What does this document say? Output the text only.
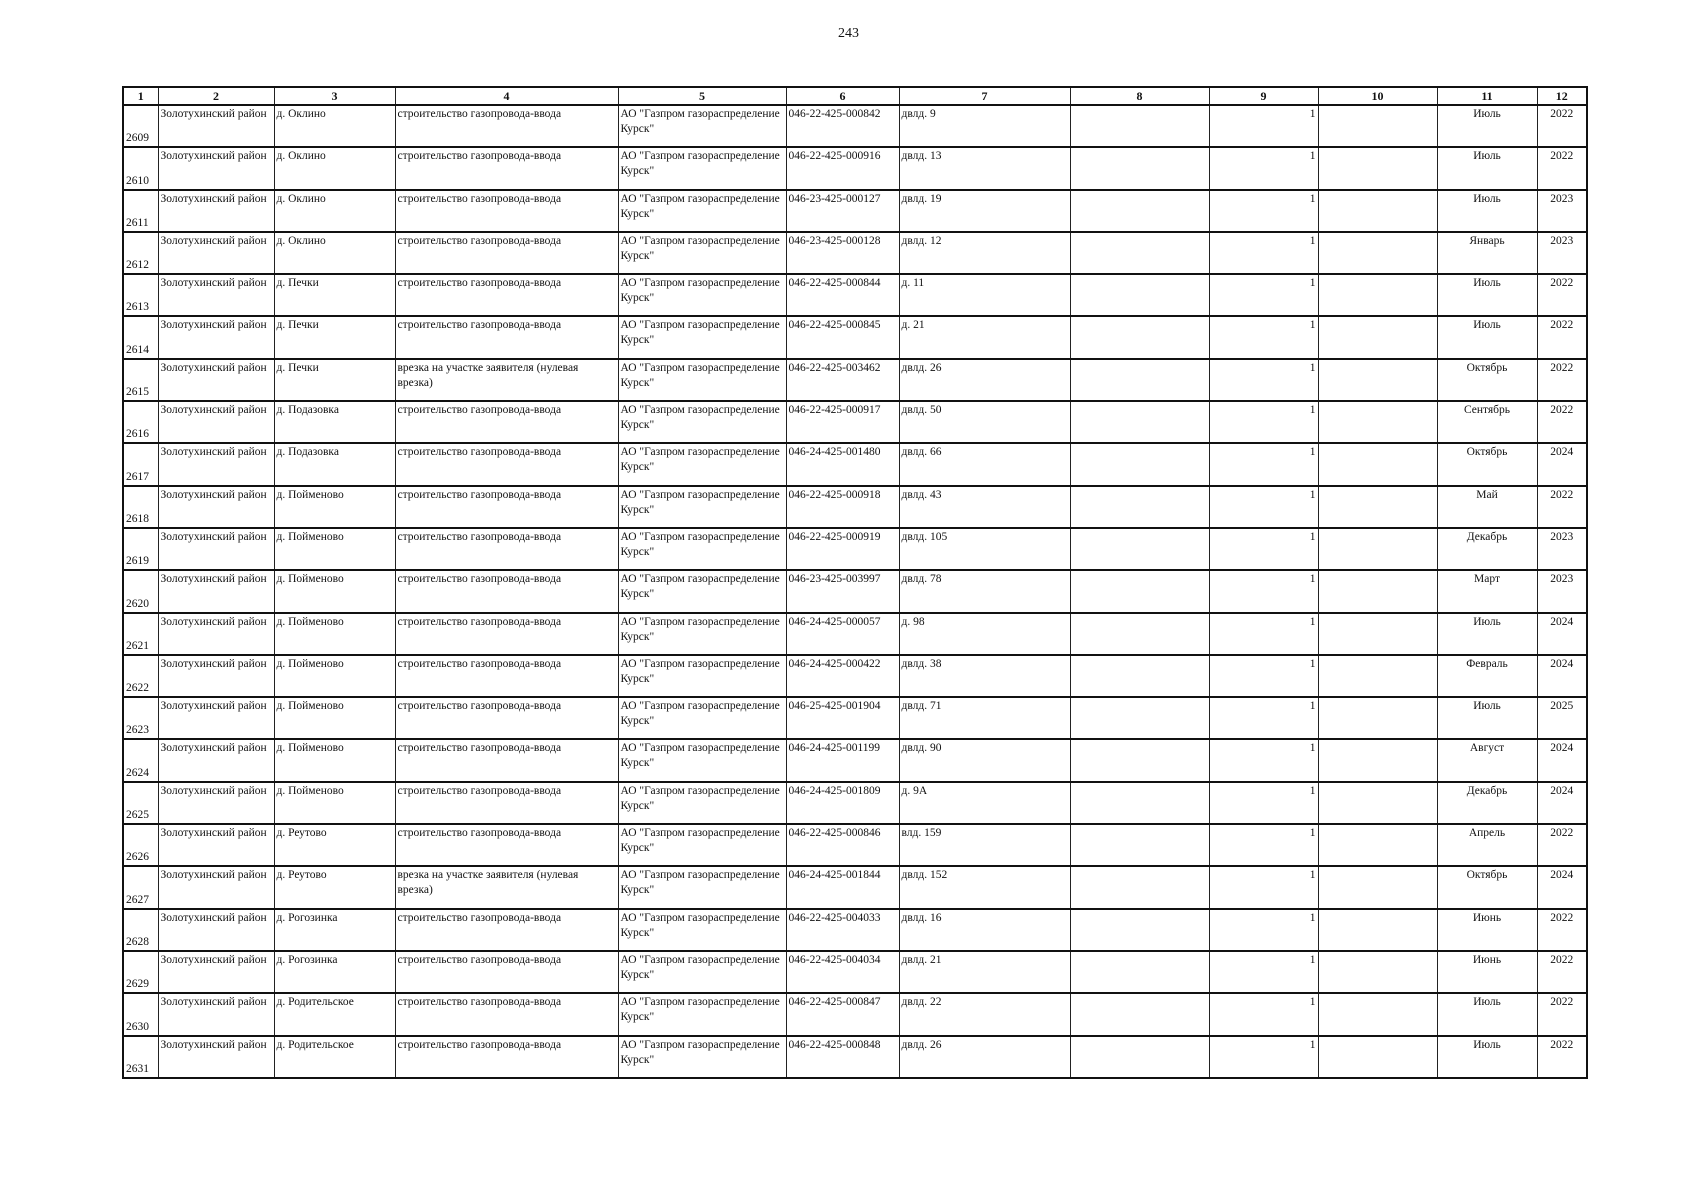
243
1	2	3	4	5	6	7	8	9	10	11	12
2609	Золотухинский район	д. Оклино	строительство газопровода-ввода	АО "Газпром газораспределение Курск"	046-22-425-000842	двлд. 9		1		Июль	2022
2610	Золотухинский район	д. Оклино	строительство газопровода-ввода	АО "Газпром газораспределение Курск"	046-22-425-000916	двлд. 13		1		Июль	2022
2611	Золотухинский район	д. Оклино	строительство газопровода-ввода	АО "Газпром газораспределение Курск"	046-23-425-000127	двлд. 19		1		Июль	2023
2612	Золотухинский район	д. Оклино	строительство газопровода-ввода	АО "Газпром газораспределение Курск"	046-23-425-000128	двлд. 12		1		Январь	2023
2613	Золотухинский район	д. Печки	строительство газопровода-ввода	АО "Газпром газораспределение Курск"	046-22-425-000844	д. 11		1		Июль	2022
2614	Золотухинский район	д. Печки	строительство газопровода-ввода	АО "Газпром газораспределение Курск"	046-22-425-000845	д. 21		1		Июль	2022
2615	Золотухинский район	д. Печки	врезка на участке заявителя (нулевая врезка)	АО "Газпром газораспределение Курск"	046-22-425-003462	двлд. 26		1		Октябрь	2022
2616	Золотухинский район	д. Подазовка	строительство газопровода-ввода	АО "Газпром газораспределение Курск"	046-22-425-000917	двлд. 50		1		Сентябрь	2022
2617	Золотухинский район	д. Подазовка	строительство газопровода-ввода	АО "Газпром газораспределение Курск"	046-24-425-001480	двлд. 66		1		Октябрь	2024
2618	Золотухинский район	д. Пойменово	строительство газопровода-ввода	АО "Газпром газораспределение Курск"	046-22-425-000918	двлд. 43		1		Май	2022
2619	Золотухинский район	д. Пойменово	строительство газопровода-ввода	АО "Газпром газораспределение Курск"	046-22-425-000919	двлд. 105		1		Декабрь	2023
2620	Золотухинский район	д. Пойменово	строительство газопровода-ввода	АО "Газпром газораспределение Курск"	046-23-425-003997	двлд. 78		1		Март	2023
2621	Золотухинский район	д. Пойменово	строительство газопровода-ввода	АО "Газпром газораспределение Курск"	046-24-425-000057	д. 98		1		Июль	2024
2622	Золотухинский район	д. Пойменово	строительство газопровода-ввода	АО "Газпром газораспределение Курск"	046-24-425-000422	двлд. 38		1		Февраль	2024
2623	Золотухинский район	д. Пойменово	строительство газопровода-ввода	АО "Газпром газораспределение Курск"	046-25-425-001904	двлд. 71		1		Июль	2025
2624	Золотухинский район	д. Пойменово	строительство газопровода-ввода	АО "Газпром газораспределение Курск"	046-24-425-001199	двлд. 90		1		Август	2024
2625	Золотухинский район	д. Пойменово	строительство газопровода-ввода	АО "Газпром газораспределение Курск"	046-24-425-001809	д. 9А		1		Декабрь	2024
2626	Золотухинский район	д. Реутово	строительство газопровода-ввода	АО "Газпром газораспределение Курск"	046-22-425-000846	влд. 159		1		Апрель	2022
2627	Золотухинский район	д. Реутово	врезка на участке заявителя (нулевая врезка)	АО "Газпром газораспределение Курск"	046-24-425-001844	двлд. 152		1		Октябрь	2024
2628	Золотухинский район	д. Рогозинка	строительство газопровода-ввода	АО "Газпром газораспределение Курск"	046-22-425-004033	двлд. 16		1		Июнь	2022
2629	Золотухинский район	д. Рогозинка	строительство газопровода-ввода	АО "Газпром газораспределение Курск"	046-22-425-004034	двлд. 21		1		Июнь	2022
2630	Золотухинский район	д. Родительское	строительство газопровода-ввода	АО "Газпром газораспределение Курск"	046-22-425-000847	двлд. 22		1		Июль	2022
2631	Золотухинский район	д. Родительское	строительство газопровода-ввода	АО "Газпром газораспределение Курск"	046-22-425-000848	двлд. 26		1		Июль	2022
